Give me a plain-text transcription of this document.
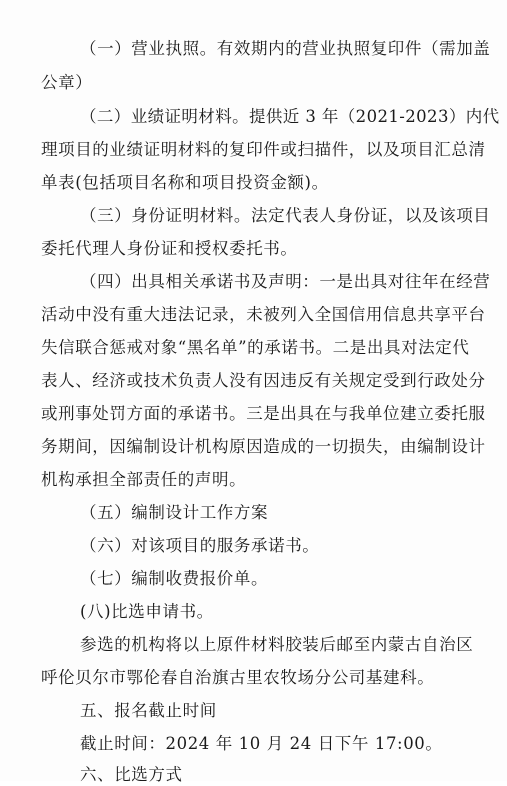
（一）营业执照。有效期内的营业执照复印件（需加盖
公章）
（二）业绩证明材料。提供近 3 年（2021-2023）内代
理项目的业绩证明材料的复印件或扫描件，以及项目汇总清
单表(包括项目名称和项目投资金额)。
（三）身份证明材料。法定代表人身份证，以及该项目
委托代理人身份证和授权委托书。
（四）出具相关承诺书及声明：一是出具对往年在经营
活动中没有重大违法记录，未被列入全国信用信息共享平台
失信联合惩戒对象“黑名单”的承诺书。二是出具对法定代
表人、经济或技术负责人没有因违反有关规定受到行政处分
或刑事处罚方面的承诺书。三是出具在与我单位建立委托服
务期间，因编制设计机构原因造成的一切损失，由编制设计
机构承担全部责任的声明。
（五）编制设计工作方案
（六）对该项目的服务承诺书。
（七）编制收费报价单。
(八)比选申请书。
参选的机构将以上原件材料胶装后邮至内蒙古自治区
呼伦贝尔市鄂伦春自治旗古里农牧场分公司基建科。
五、报名截止时间
截止时间：2024 年 10 月 24 日下午 17:00。
六、比选方式
